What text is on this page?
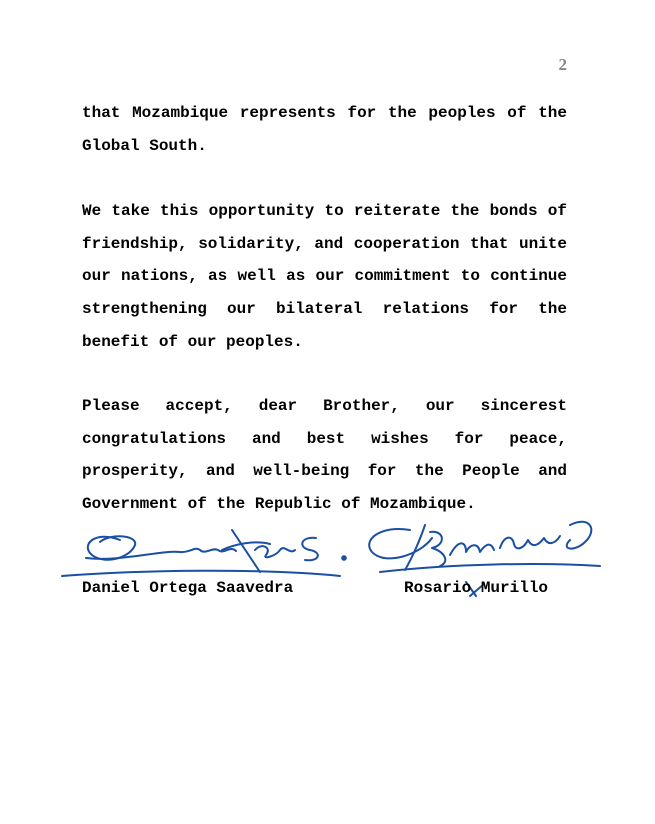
2

that Mozambique represents for the peoples of the Global South.

We take this opportunity to reiterate the bonds of friendship, solidarity, and cooperation that unite our nations, as well as our commitment to continue strengthening our bilateral relations for the benefit of our peoples.

Please accept, dear Brother, our sincerest congratulations and best wishes for peace, prosperity, and well-being for the People and Government of the Republic of Mozambique.

Daniel Ortega Saavedra	Rosario Murillo
